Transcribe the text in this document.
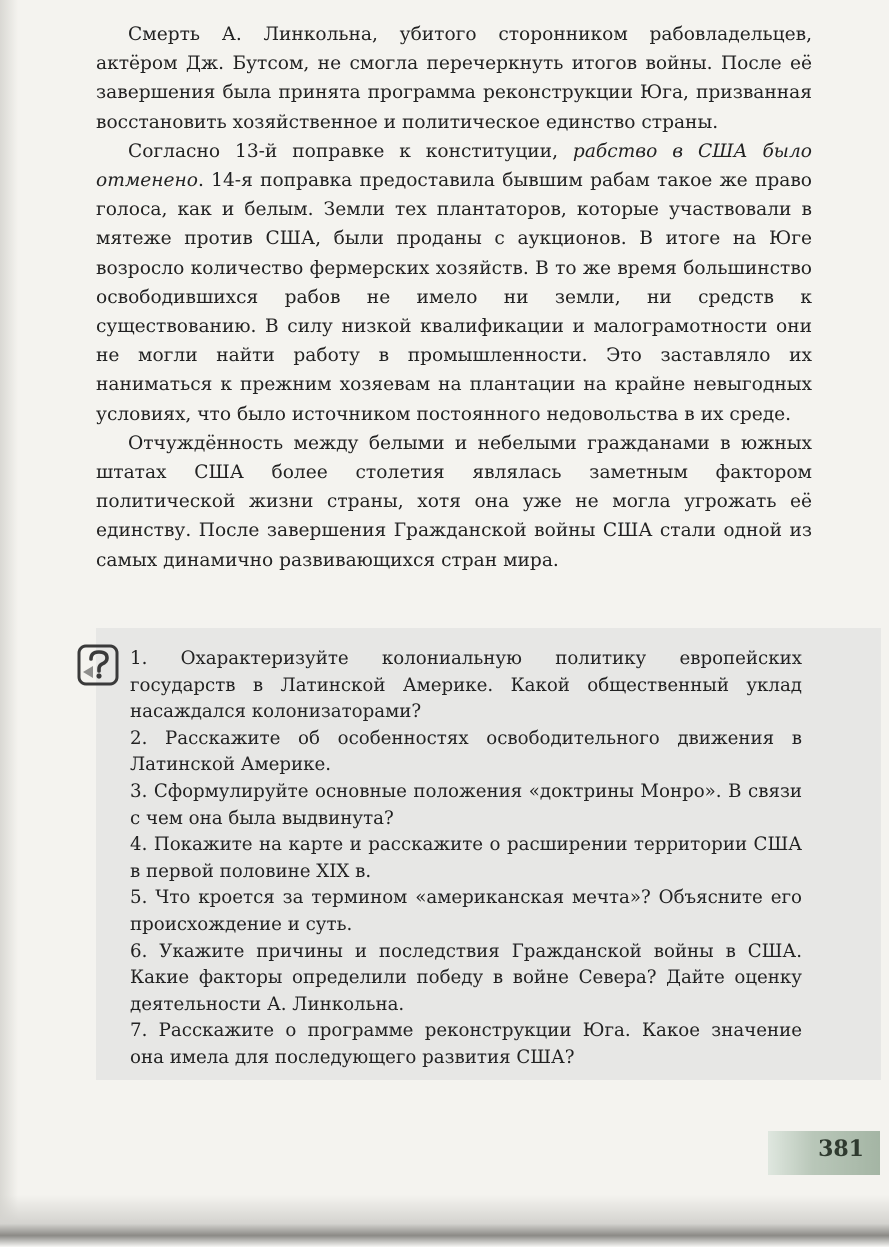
Смерть А. Линкольна, убитого сторонником рабовладельцев, актёром Дж. Бутсом, не смогла перечеркнуть итогов войны. После её завершения была принята программа реконструкции Юга, призванная восстановить хозяйственное и политическое единство страны.

Согласно 13-й поправке к конституции, рабство в США было отменено. 14-я поправка предоставила бывшим рабам такое же право голоса, как и белым. Земли тех плантаторов, которые участвовали в мятеже против США, были проданы с аукционов. В итоге на Юге возросло количество фермерских хозяйств. В то же время большинство освободившихся рабов не имело ни земли, ни средств к существованию. В силу низкой квалификации и малограмотности они не могли найти работу в промышленности. Это заставляло их наниматься к прежним хозяевам на плантации на крайне невыгодных условиях, что было источником постоянного недовольства в их среде.

Отчуждённость между белыми и небелыми гражданами в южных штатах США более столетия являлась заметным фактором политической жизни страны, хотя она уже не могла угрожать её единству. После завершения Гражданской войны США стали одной из самых динамично развивающихся стран мира.

1. Охарактеризуйте колониальную политику европейских государств в Латинской Америке. Какой общественный уклад насаждался колонизаторами?
2. Расскажите об особенностях освободительного движения в Латинской Америке.
3. Сформулируйте основные положения «доктрины Монро». В связи с чем она была выдвинута?
4. Покажите на карте и расскажите о расширении территории США в первой половине XIX в.
5. Что кроется за термином «американская мечта»? Объясните его происхождение и суть.
6. Укажите причины и последствия Гражданской войны в США. Какие факторы определили победу в войне Севера? Дайте оценку деятельности А. Линкольна.
7. Расскажите о программе реконструкции Юга. Какое значение она имела для последующего развития США?
381
